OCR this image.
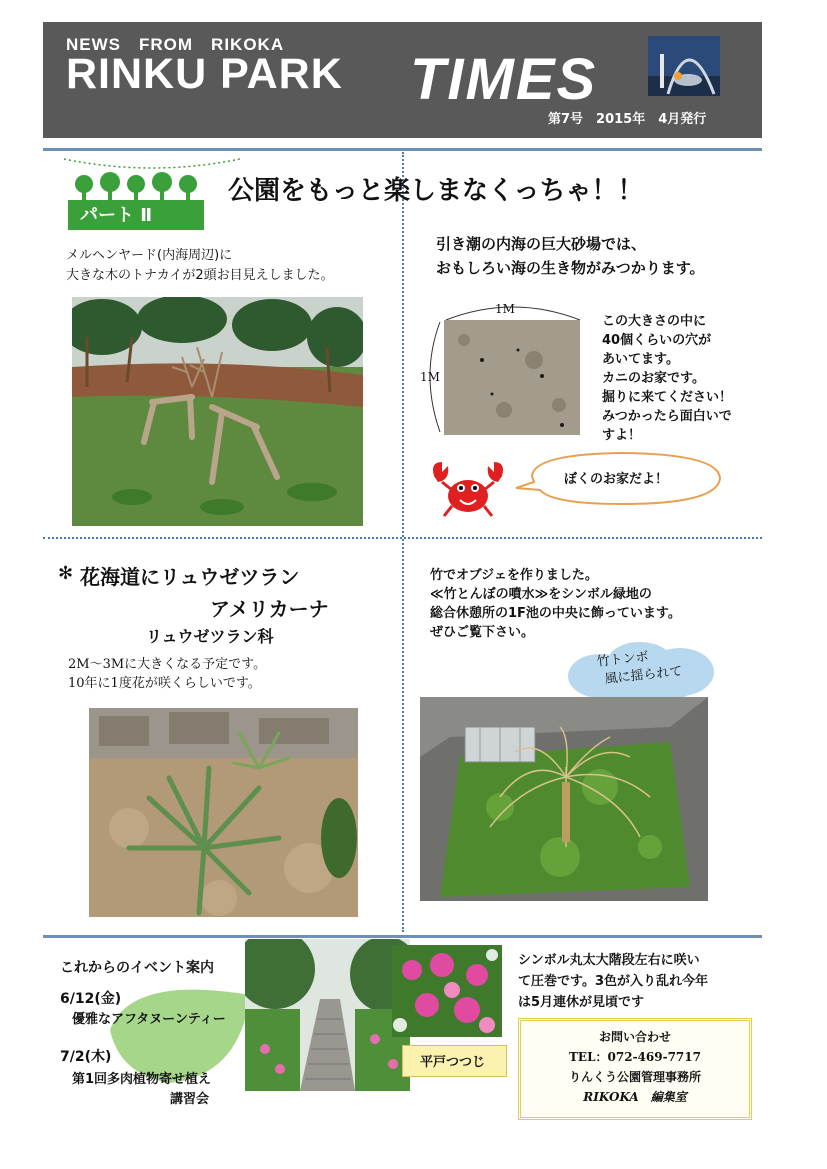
NEWS　FROM　RIKOKA
RINKU PARK TIMES
第7号　2015年　4月発行
パート Ⅱ
公園をもっと楽しまなくっちゃ！！
メルヘンヤード(内海周辺)に
大きな木のトナカイが2頭お目見えしました。
引き潮の内海の巨大砂場では、
おもしろい海の生き物がみつかります。
1M
1M
この大きさの中に
40個くらいの穴が
あいてます。
カニのお家です。
掘りに来てください！
みつかったら面白いで
すよ！
ぼくのお家だよ！
✻ 花海道にリュウゼツラン
アメリカーナ
リュウゼツラン科
2M～3Mに大きくなる予定です。
10年に1度花が咲くらしいです。
竹でオブジェを作りました。
≪竹とんぼの噴水≫をシンボル緑地の
総合休憩所の1F池の中央に飾っています。
ぜひご覧下さい。
竹トンボ
風に揺られて
これからのイベント案内
6/12(金)
優雅なアフタヌーンティー
7/2(木)
第1回多肉植物寄せ植え
講習会
平戸つつじ
シンボル丸太大階段左右に咲い
て圧巻です。3色が入り乱れ今年
は5月連休が見頃です
お問い合わせ
TEL：072-469-7717
りんくう公園管理事務所
RIKOKA　編集室
